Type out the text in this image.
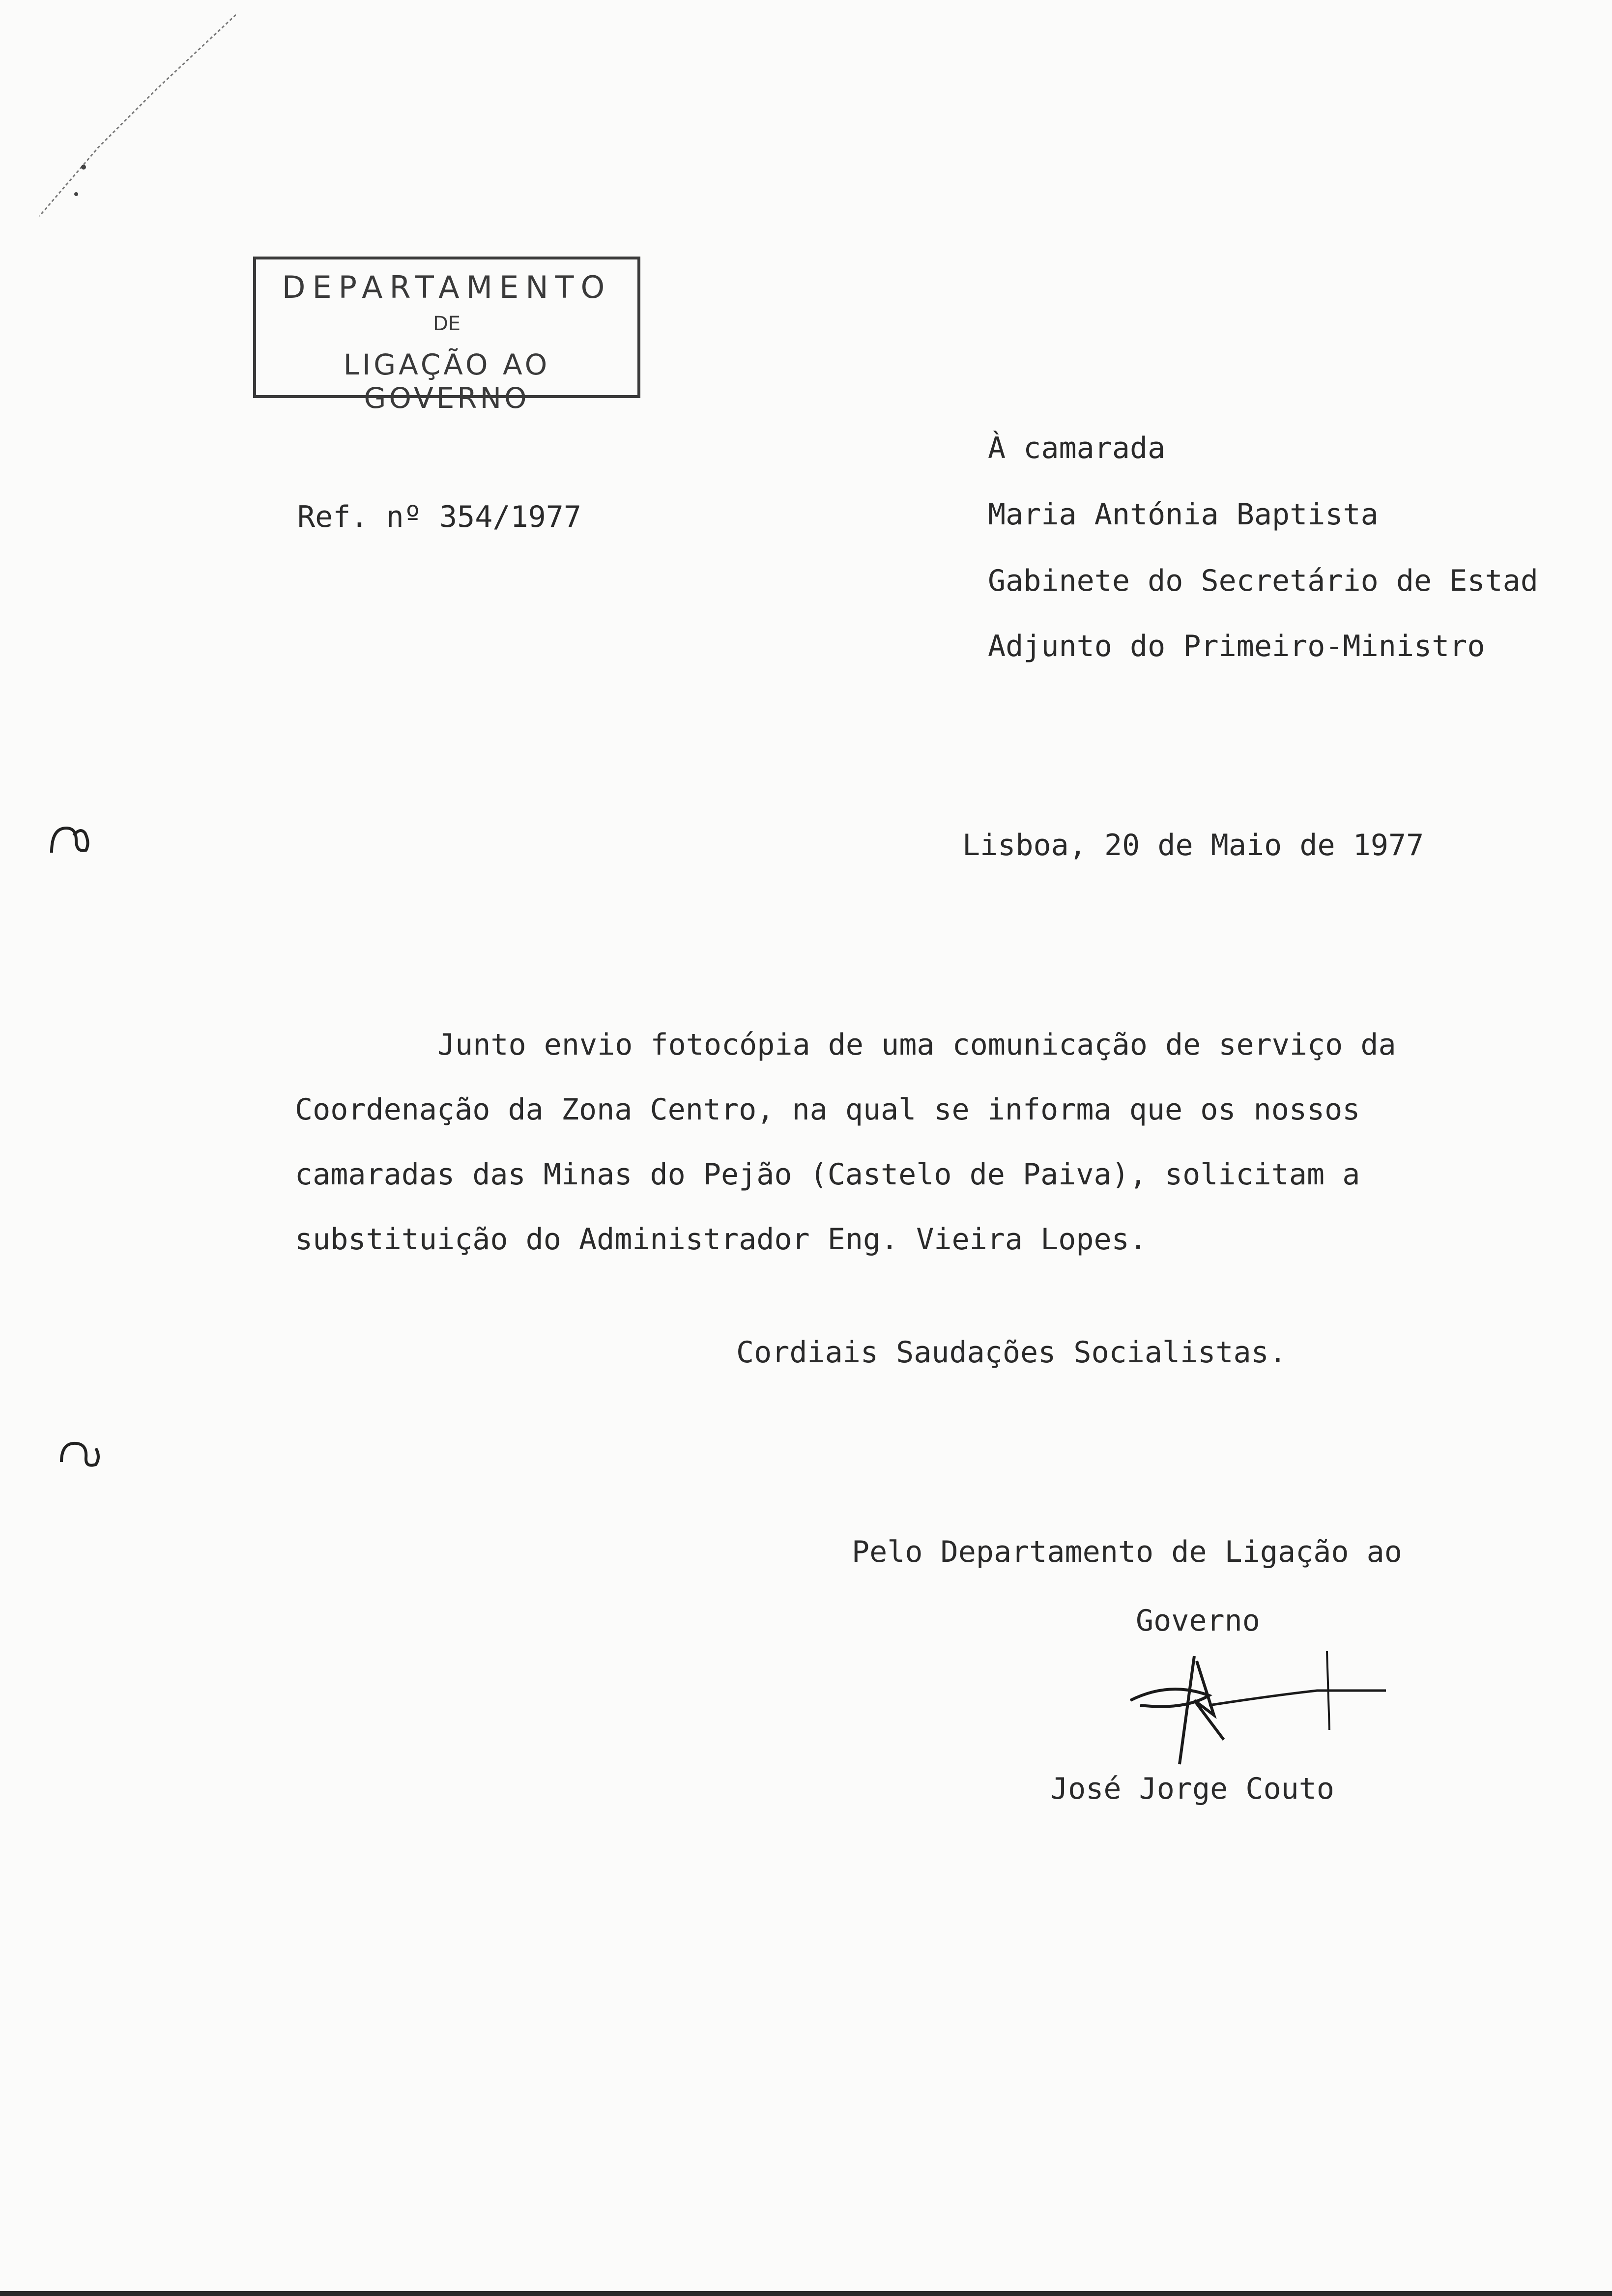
DEPARTAMENTO
DE
LIGAÇÃO AO GOVERNO
Ref. nº 354/1977
À camarada
Maria Antónia Baptista
Gabinete do Secretário de Estad
Adjunto do Primeiro-Ministro
Lisboa, 20 de Maio de 1977
Junto envio fotocópia de uma comunicação de serviço da
Coordenação da Zona Centro, na qual se informa que os nossos
camaradas das Minas do Pejão (Castelo de Paiva), solicitam a
substituição do Administrador Eng. Vieira Lopes.
Cordiais Saudações Socialistas.
Pelo Departamento de Ligação ao
Governo
José Jorge Couto
